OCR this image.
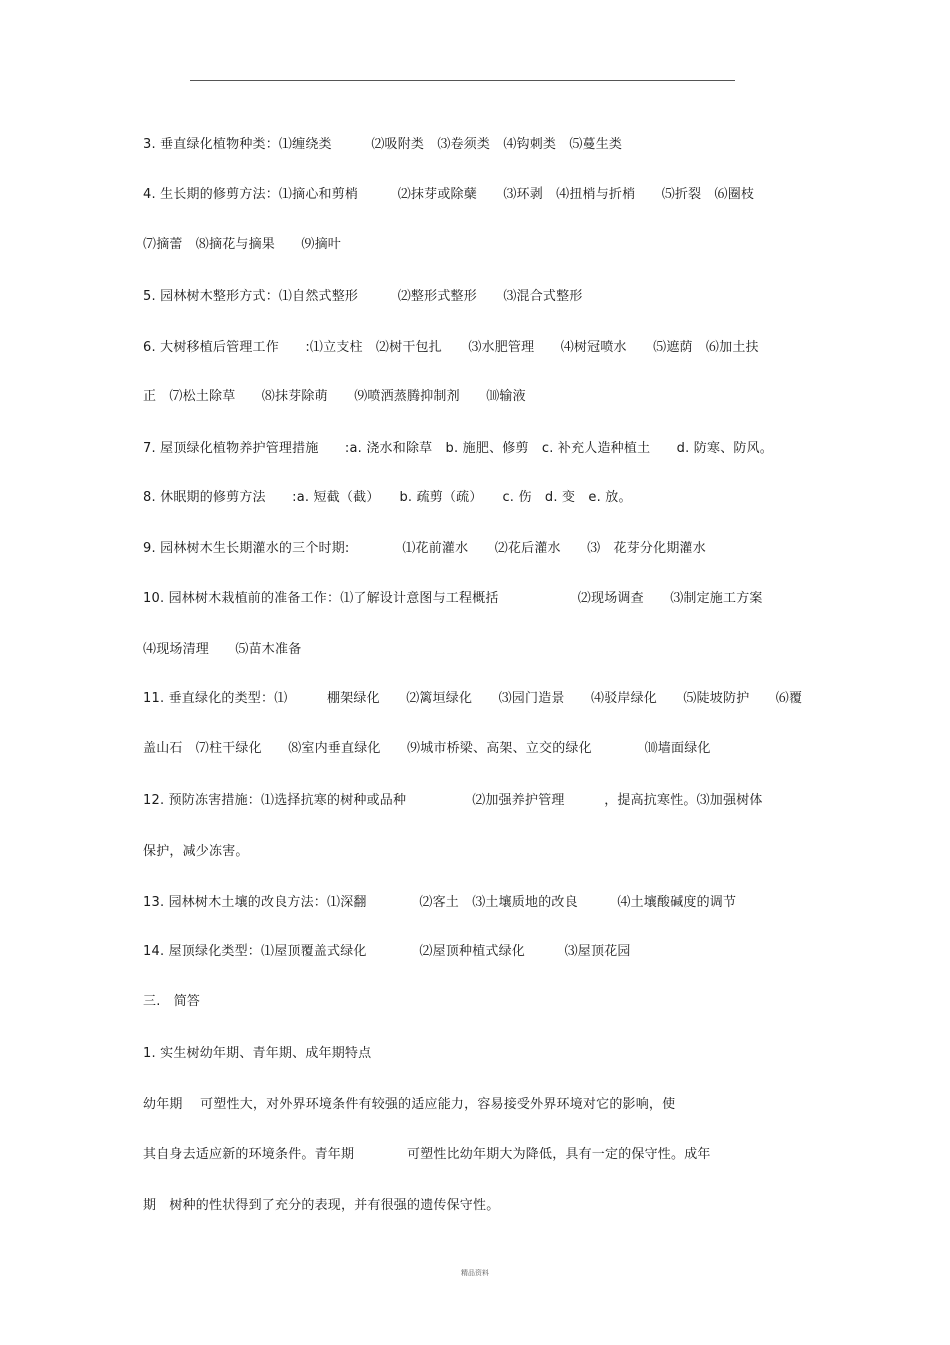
3. 垂直绿化植物种类：⑴缠绕类　　　⑵吸附类　⑶卷须类　⑷钩刺类　⑸蔓生类
4. 生长期的修剪方法：⑴摘心和剪梢　　　⑵抹芽或除蘖　　⑶环剥　⑷扭梢与折梢　　⑸折裂　⑹圈枝
⑺摘蕾　⑻摘花与摘果　　⑼摘叶
5. 园林树木整形方式：⑴自然式整形　　　⑵整形式整形　　⑶混合式整形
6. 大树移植后管理工作　　:⑴立支柱　⑵树干包扎　　⑶水肥管理　　⑷树冠喷水　　⑸遮荫　⑹加土扶
正　⑺松土除草　　⑻抹芽除萌　　⑼喷洒蒸腾抑制剂　　⑽输液
7. 屋顶绿化植物养护管理措施　　:a. 浇水和除草　b. 施肥、修剪　c. 补充人造种植土　　d. 防寒、防风。
8. 休眠期的修剪方法　　:a. 短截（截）　　b. 疏剪（疏）　　c. 伤　d. 变　e. 放。
9. 园林树木生长期灌水的三个时期:　　　　⑴花前灌水　　⑵花后灌水　　⑶　花芽分化期灌水
10. 园林树木栽植前的准备工作：⑴了解设计意图与工程概括　　　　　　⑵现场调查　　⑶制定施工方案
⑷现场清理　　⑸苗木准备
11. 垂直绿化的类型：⑴　　　棚架绿化　　⑵篱垣绿化　　⑶园门造景　　⑷驳岸绿化　　⑸陡坡防护　　⑹覆
盖山石　⑺柱干绿化　　⑻室内垂直绿化　　⑼城市桥梁、高架、立交的绿化　　　　⑽墙面绿化
12. 预防冻害措施：⑴选择抗寒的树种或品种　　　　　⑵加强养护管理　　　，提高抗寒性。⑶加强树体
保护，减少冻害。
13. 园林树木土壤的改良方法：⑴深翻　　　　⑵客土　⑶土壤质地的改良　　　⑷土壤酸碱度的调节
14. 屋顶绿化类型：⑴屋顶覆盖式绿化　　　　⑵屋顶种植式绿化　　　⑶屋顶花园
三.　简答
1. 实生树幼年期、青年期、成年期特点
幼年期　 可塑性大，对外界环境条件有较强的适应能力，容易接受外界环境对它的影响，使
其自身去适应新的环境条件。青年期　　　　可塑性比幼年期大为降低，具有一定的保守性。成年
期　树种的性状得到了充分的表现，并有很强的遗传保守性。
精品资料
